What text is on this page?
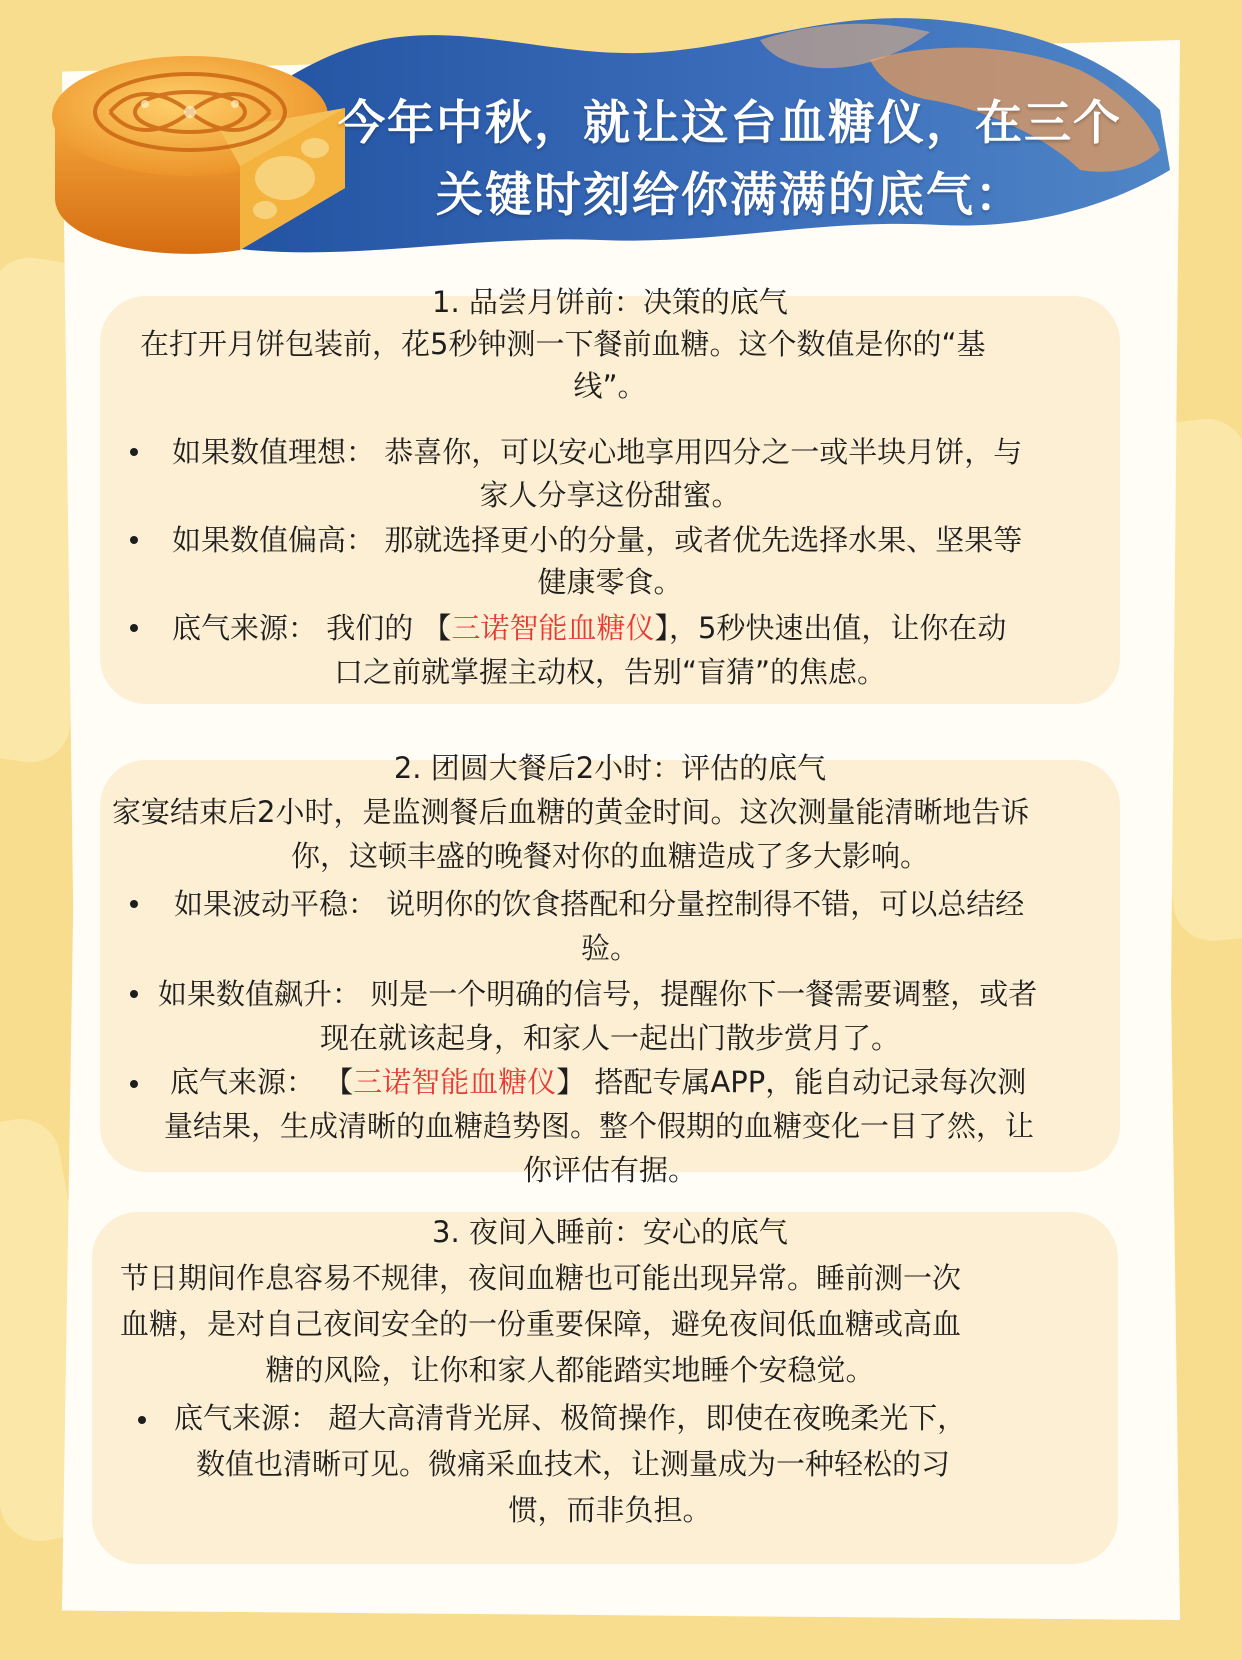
今年中秋，就让这台血糖仪，在三个
关键时刻给你满满的底气：
1. 品尝月饼前：决策的底气
在打开月饼包装前，花5秒钟测一下餐前血糖。这个数值是你的“基
线”。
如果数值理想： 恭喜你，可以安心地享用四分之一或半块月饼，与
家人分享这份甜蜜。
如果数值偏高： 那就选择更小的分量，或者优先选择水果、坚果等
健康零食。
底气来源： 我们的 【三诺智能血糖仪】，5秒快速出值，让你在动
口之前就掌握主动权，告别“盲猜”的焦虑。
2. 团圆大餐后2小时：评估的底气
家宴结束后2小时，是监测餐后血糖的黄金时间。这次测量能清晰地告诉
你，这顿丰盛的晚餐对你的血糖造成了多大影响。
如果波动平稳： 说明你的饮食搭配和分量控制得不错，可以总结经
验。
如果数值飙升： 则是一个明确的信号，提醒你下一餐需要调整，或者
现在就该起身，和家人一起出门散步赏月了。
底气来源： 【三诺智能血糖仪】 搭配专属APP，能自动记录每次测
量结果，生成清晰的血糖趋势图。整个假期的血糖变化一目了然，让
你评估有据。
3. 夜间入睡前：安心的底气
节日期间作息容易不规律，夜间血糖也可能出现异常。睡前测一次
血糖，是对自己夜间安全的一份重要保障，避免夜间低血糖或高血
糖的风险，让你和家人都能踏实地睡个安稳觉。
底气来源： 超大高清背光屏、极简操作，即使在夜晚柔光下，
数值也清晰可见。微痛采血技术，让测量成为一种轻松的习
惯，而非负担。
